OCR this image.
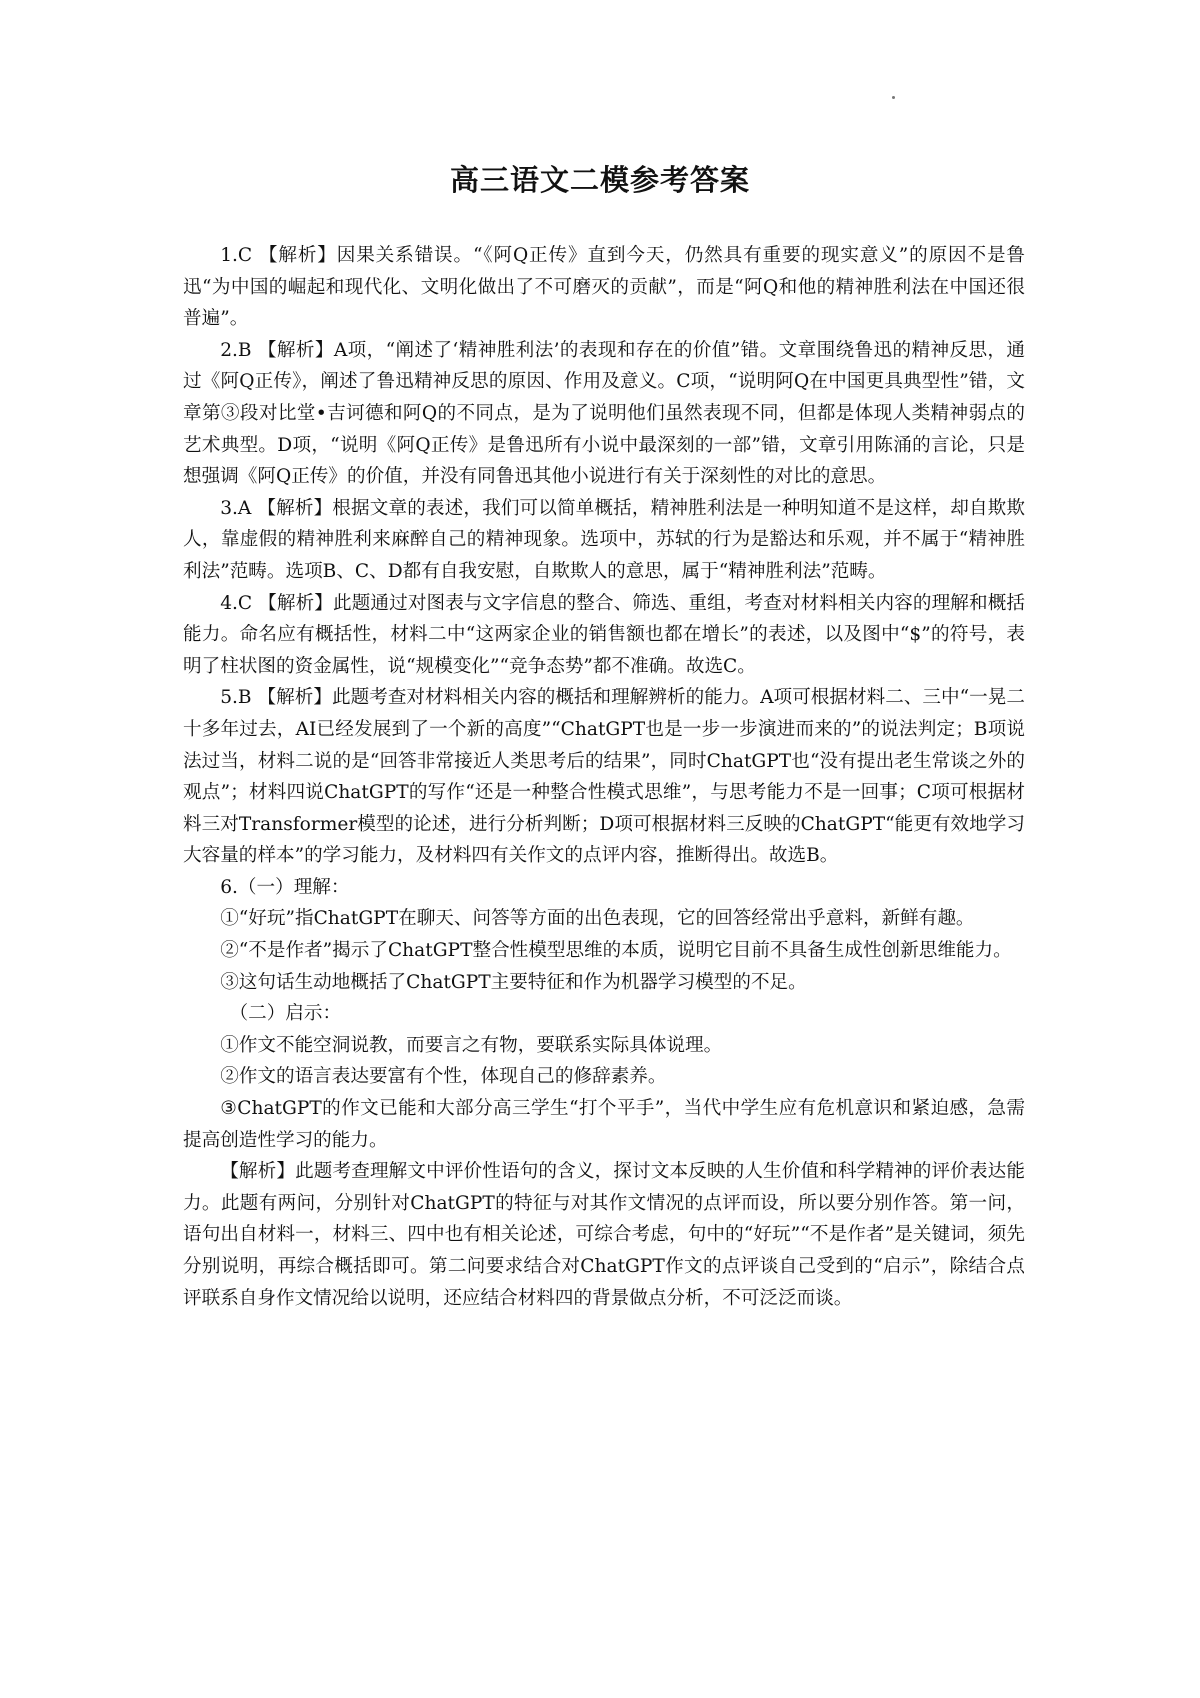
高三语文二模参考答案

1.C 【解析】因果关系错误。“《阿Q正传》直到今天，仍然具有重要的现实意义”的原因不是鲁迅“为中国的崛起和现代化、文明化做出了不可磨灭的贡献”，而是“阿Q和他的精神胜利法在中国还很普遍”。

2.B 【解析】A项，“阐述了‘精神胜利法’的表现和存在的价值”错。文章围绕鲁迅的精神反思，通过《阿Q正传》，阐述了鲁迅精神反思的原因、作用及意义。C项，“说明阿Q在中国更具典型性”错，文章第③段对比堂•吉诃德和阿Q的不同点，是为了说明他们虽然表现不同，但都是体现人类精神弱点的艺术典型。D项，“说明《阿Q正传》是鲁迅所有小说中最深刻的一部”错，文章引用陈涌的言论，只是想强调《阿Q正传》的价值，并没有同鲁迅其他小说进行有关于深刻性的对比的意思。

3.A 【解析】根据文章的表述，我们可以简单概括，精神胜利法是一种明知道不是这样，却自欺欺人，靠虚假的精神胜利来麻醉自己的精神现象。选项中，苏轼的行为是豁达和乐观，并不属于“精神胜利法”范畴。选项B、C、D都有自我安慰，自欺欺人的意思，属于“精神胜利法”范畴。

4.C 【解析】此题通过对图表与文字信息的整合、筛选、重组，考查对材料相关内容的理解和概括能力。命名应有概括性，材料二中“这两家企业的销售额也都在增长”的表述，以及图中“$”的符号，表明了柱状图的资金属性，说“规模变化”“竞争态势”都不准确。故选C。

5.B 【解析】此题考查对材料相关内容的概括和理解辨析的能力。A项可根据材料二、三中“一晃二十多年过去，AI已经发展到了一个新的高度”“ChatGPT也是一步一步演进而来的”的说法判定；B项说法过当，材料二说的是“回答非常接近人类思考后的结果”，同时ChatGPT也“没有提出老生常谈之外的观点”；材料四说ChatGPT的写作“还是一种整合性模式思维”，与思考能力不是一回事；C项可根据材料三对Transformer模型的论述，进行分析判断；D项可根据材料三反映的ChatGPT“能更有效地学习大容量的样本”的学习能力，及材料四有关作文的点评内容，推断得出。故选B。

6.（一）理解：

①“好玩”指ChatGPT在聊天、问答等方面的出色表现，它的回答经常出乎意料，新鲜有趣。

②“不是作者”揭示了ChatGPT整合性模型思维的本质，说明它目前不具备生成性创新思维能力。

③这句话生动地概括了ChatGPT主要特征和作为机器学习模型的不足。

（二）启示：

①作文不能空洞说教，而要言之有物，要联系实际具体说理。

②作文的语言表达要富有个性，体现自己的修辞素养。

③ChatGPT的作文已能和大部分高三学生“打个平手”，当代中学生应有危机意识和紧迫感，急需提高创造性学习的能力。

【解析】此题考查理解文中评价性语句的含义，探讨文本反映的人生价值和科学精神的评价表达能力。此题有两问，分别针对ChatGPT的特征与对其作文情况的点评而设，所以要分别作答。第一问，语句出自材料一，材料三、四中也有相关论述，可综合考虑，句中的“好玩”“不是作者”是关键词，须先分别说明，再综合概括即可。第二问要求结合对ChatGPT作文的点评谈自己受到的“启示”，除结合点评联系自身作文情况给以说明，还应结合材料四的背景做点分析，不可泛泛而谈。
